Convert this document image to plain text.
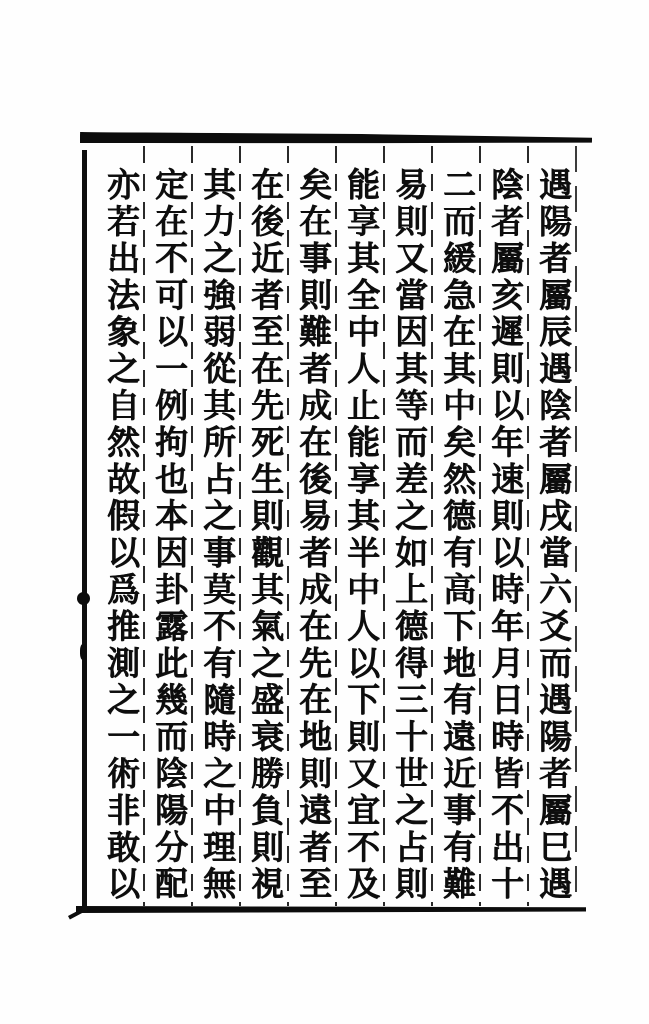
遇陽者屬辰遇陰者屬戌當六爻而遇陽者屬巳遇
陰者屬亥遲則以年速則以時年月日時皆不出十
二而緩急在其中矣然德有高下地有遠近事有難
易則又當因其等而差之如上德得三十世之占則
能享其全中人止能享其半中人以下則又宜不及
矣在事則難者成在後易者成在先在地則遠者至
在後近者至在先死生則觀其氣之盛衰勝負則視
其力之強弱從其所占之事莫不有隨時之中理無
定在不可以一例拘也本因卦露此幾而陰陽分配
亦若出法象之自然故假以爲推測之一術非敢以
